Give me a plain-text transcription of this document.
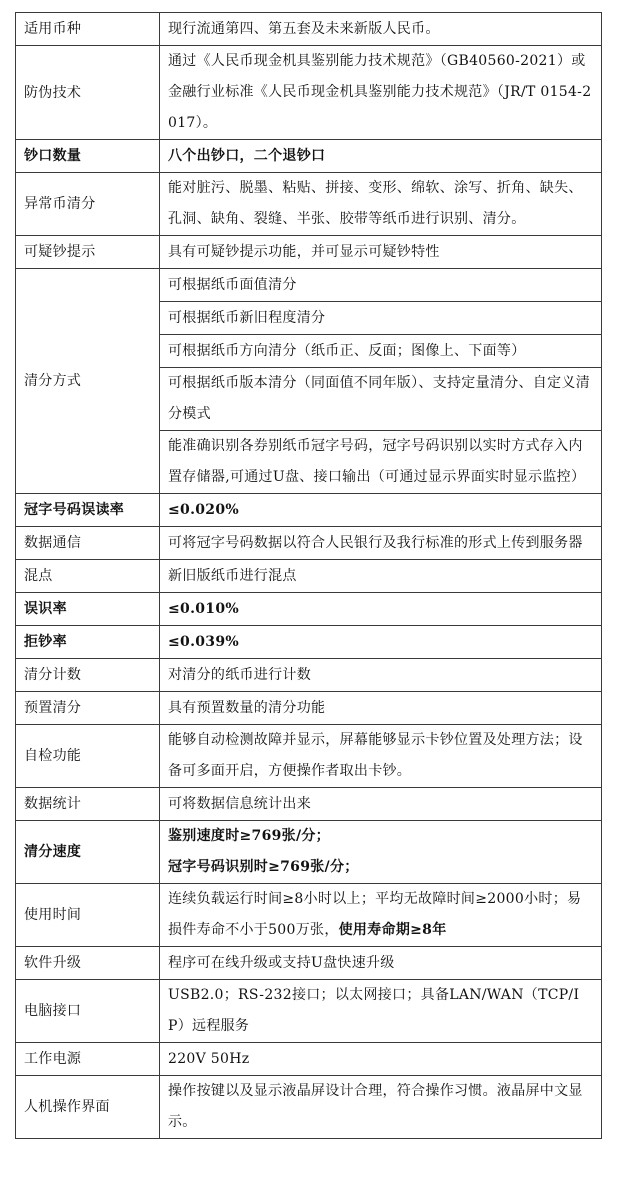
适用币种	现行流通第四、第五套及未来新版人民币。
防伪技术	通过《人民币现金机具鉴别能力技术规范》（GB40560-2021）或金融行业标准《人民币现金机具鉴别能力技术规范》（JR/T 0154-2017）。
钞口数量	八个出钞口，二个退钞口
异常币清分	能对脏污、脱墨、粘贴、拼接、变形、绵软、涂写、折角、缺失、孔洞、缺角、裂缝、半张、胶带等纸币进行识别、清分。
可疑钞提示	具有可疑钞提示功能，并可显示可疑钞特性
清分方式	可根据纸币面值清分
	可根据纸币新旧程度清分
	可根据纸币方向清分（纸币正、反面；图像上、下面等）
	可根据纸币版本清分（同面值不同年版）、支持定量清分、自定义清分模式
	能准确识别各券别纸币冠字号码，冠字号码识别以实时方式存入内置存储器,可通过U盘、接口输出（可通过显示界面实时显示监控）
冠字号码误读率	≤0.020%
数据通信	可将冠字号码数据以符合人民银行及我行标准的形式上传到服务器
混点	新旧版纸币进行混点
误识率	≤0.010%
拒钞率	≤0.039%
清分计数	对清分的纸币进行计数
预置清分	具有预置数量的清分功能
自检功能	能够自动检测故障并显示，屏幕能够显示卡钞位置及处理方法；设备可多面开启，方便操作者取出卡钞。
数据统计	可将数据信息统计出来
清分速度	鉴别速度时≥769张/分；
冠字号码识别时≥769张/分；

使用时间	连续负载运行时间≥8小时以上；平均无故障时间≥2000小时；易损件寿命不小于500万张，使用寿命期≥8年
软件升级	程序可在线升级或支持U盘快速升级
电脑接口	USB2.0；RS-232接口；以太网接口；具备LAN/WAN（TCP/IP）远程服务
工作电源	220V 50Hz
人机操作界面	操作按键以及显示液晶屏设计合理，符合操作习惯。液晶屏中文显示。
